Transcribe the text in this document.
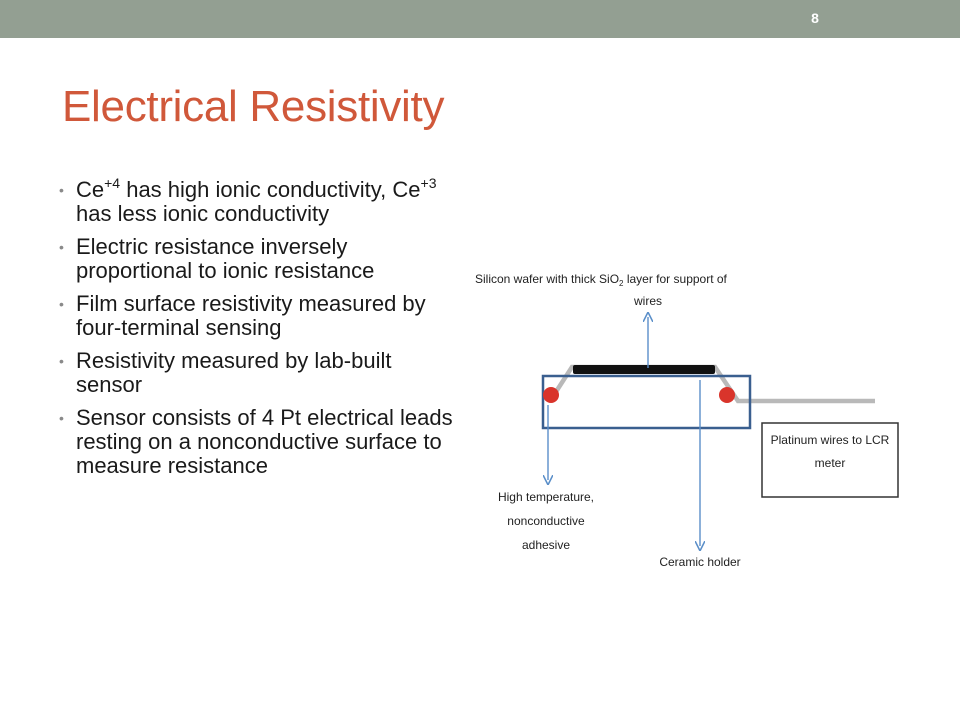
8
Electrical Resistivity
• $Ce^{+4}$ has high ionic conductivity, $Ce^{+3}$ has less ionic conductivity
• Electric resistance inversely proportional to ionic resistance
• Film surface resistivity measured by four-terminal sensing
• Resistivity measured by lab-built sensor
• Sensor consists of 4 Pt electrical leads resting on a nonconductive surface to measure resistance
Silicon wafer with thick SiO$_2$ layer for support of
wires
Platinum wires to LCR
meter
High temperature,
nonconductive
adhesive
Ceramic holder
